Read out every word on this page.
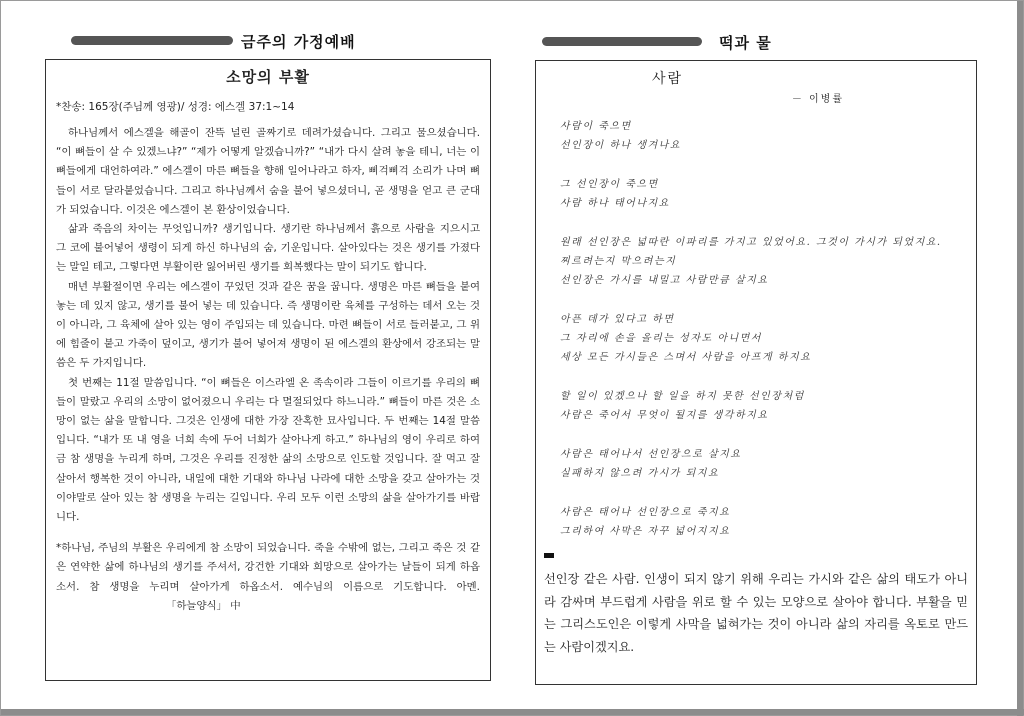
금주의 가정예배	떡과 물
소망의 부활
*찬송: 165장(주님께 영광)/ 성경: 에스겔 37:1~14

하나님께서 에스겔을 해골이 잔뜩 널린 골짜기로 데려가셨습니다. 그리고 물으셨습니다. “이 뼈들이 살 수 있겠느냐?” “제가 어떻게 알겠습니까?” “내가 다시 살려 놓을 테니, 너는 이 뼈들에게 대언하여라.” 에스겔이 마른 뼈들을 향해 일어나라고 하자, 삐걱삐걱 소리가 나며 뼈들이 서로 달라붙었습니다. 그리고 하나님께서 숨을 불어 넣으셨더니, 곧 생명을 얻고 큰 군대가 되었습니다. 이것은 에스겔이 본 환상이었습니다.

삶과 죽음의 차이는 무엇입니까? 생기입니다. 생기란 하나님께서 흙으로 사람을 지으시고 그 코에 불어넣어 생령이 되게 하신 하나님의 숨, 기운입니다. 살아있다는 것은 생기를 가졌다는 말일 테고, 그렇다면 부활이란 잃어버린 생기를 회복했다는 말이 되기도 합니다.

매년 부활절이면 우리는 에스겔이 꾸었던 것과 같은 꿈을 꿉니다. 생명은 마른 뼈들을 붙여 놓는 데 있지 않고, 생기를 불어 넣는 데 있습니다. 즉 생명이란 육체를 구성하는 데서 오는 것이 아니라, 그 육체에 살아 있는 영이 주입되는 데 있습니다. 마련 뼈들이 서로 들러붙고, 그 위에 힘줄이 붙고 가죽이 덮이고, 생기가 불어 넣어져 생명이 된 에스겔의 환상에서 강조되는 말씀은 두 가지입니다.

첫 번째는 11절 말씀입니다. “이 뼈들은 이스라엘 온 족속이라 그들이 이르기를 우리의 뼈들이 말랐고 우리의 소망이 없어졌으니 우리는 다 멸절되었다 하느니라.” 뼈들이 마른 것은 소망이 없는 삶을 말합니다. 그것은 인생에 대한 가장 잔혹한 묘사입니다. 두 번째는 14절 말씀입니다. “내가 또 내 영을 너희 속에 두어 너희가 살아나게 하고.” 하나님의 영이 우리로 하여금 참 생명을 누리게 하며, 그것은 우리를 진정한 삶의 소망으로 인도할 것입니다. 잘 먹고 잘 살아서 행복한 것이 아니라, 내일에 대한 기대와 하나님 나라에 대한 소망을 갖고 살아가는 것이야말로 살아 있는 참 생명을 누리는 길입니다. 우리 모두 이런 소망의 삶을 살아가기를 바랍니다.

*하나님, 주님의 부활은 우리에게 참 소망이 되었습니다. 죽을 수밖에 없는, 그리고 죽은 것 같은 연약한 삶에 하나님의 생기를 주셔서, 강건한 기대와 희망으로 살아가는 날들이 되게 하옵소서. 참 생명을 누리며 살아가게 하옵소서. 예수님의 이름으로 기도합니다. 아멘.「하늘양식」 中
사람
－ 이병률
사람이 죽으면
선인장이 하나 생겨나요
그 선인장이 죽으면
사람 하나 태어나지요
원래 선인장은 넓따란 이파리를 가지고 있었어요. 그것이 가시가 되었지요.
찌르려는지 막으려는지
선인장은 가시를 내밀고 사람만큼 살지요
아픈 데가 있다고 하면
그 자리에 손을 올리는 성자도 아니면서
세상 모든 가시들은 스며서 사람을 아프게 하지요
할 일이 있겠으나 할 일을 하지 못한 선인장처럼
사람은 죽어서 무엇이 될지를 생각하지요
사람은 태어나서 선인장으로 살지요
실패하지 않으려 가시가 되지요
사람은 태어나 선인장으로 죽지요
그리하여 사막은 자꾸 넓어지지요
선인장 같은 사람. 인생이 되지 않기 위해 우리는 가시와 같은 삶의 태도가 아니라 감싸며 부드럽게 사람을 위로 할 수 있는 모양으로 살아야 합니다. 부활을 믿는 그리스도인은 이렇게 사막을 넓혀가는 것이 아니라 삶의 자리를 옥토로 만드는 사람이겠지요.
